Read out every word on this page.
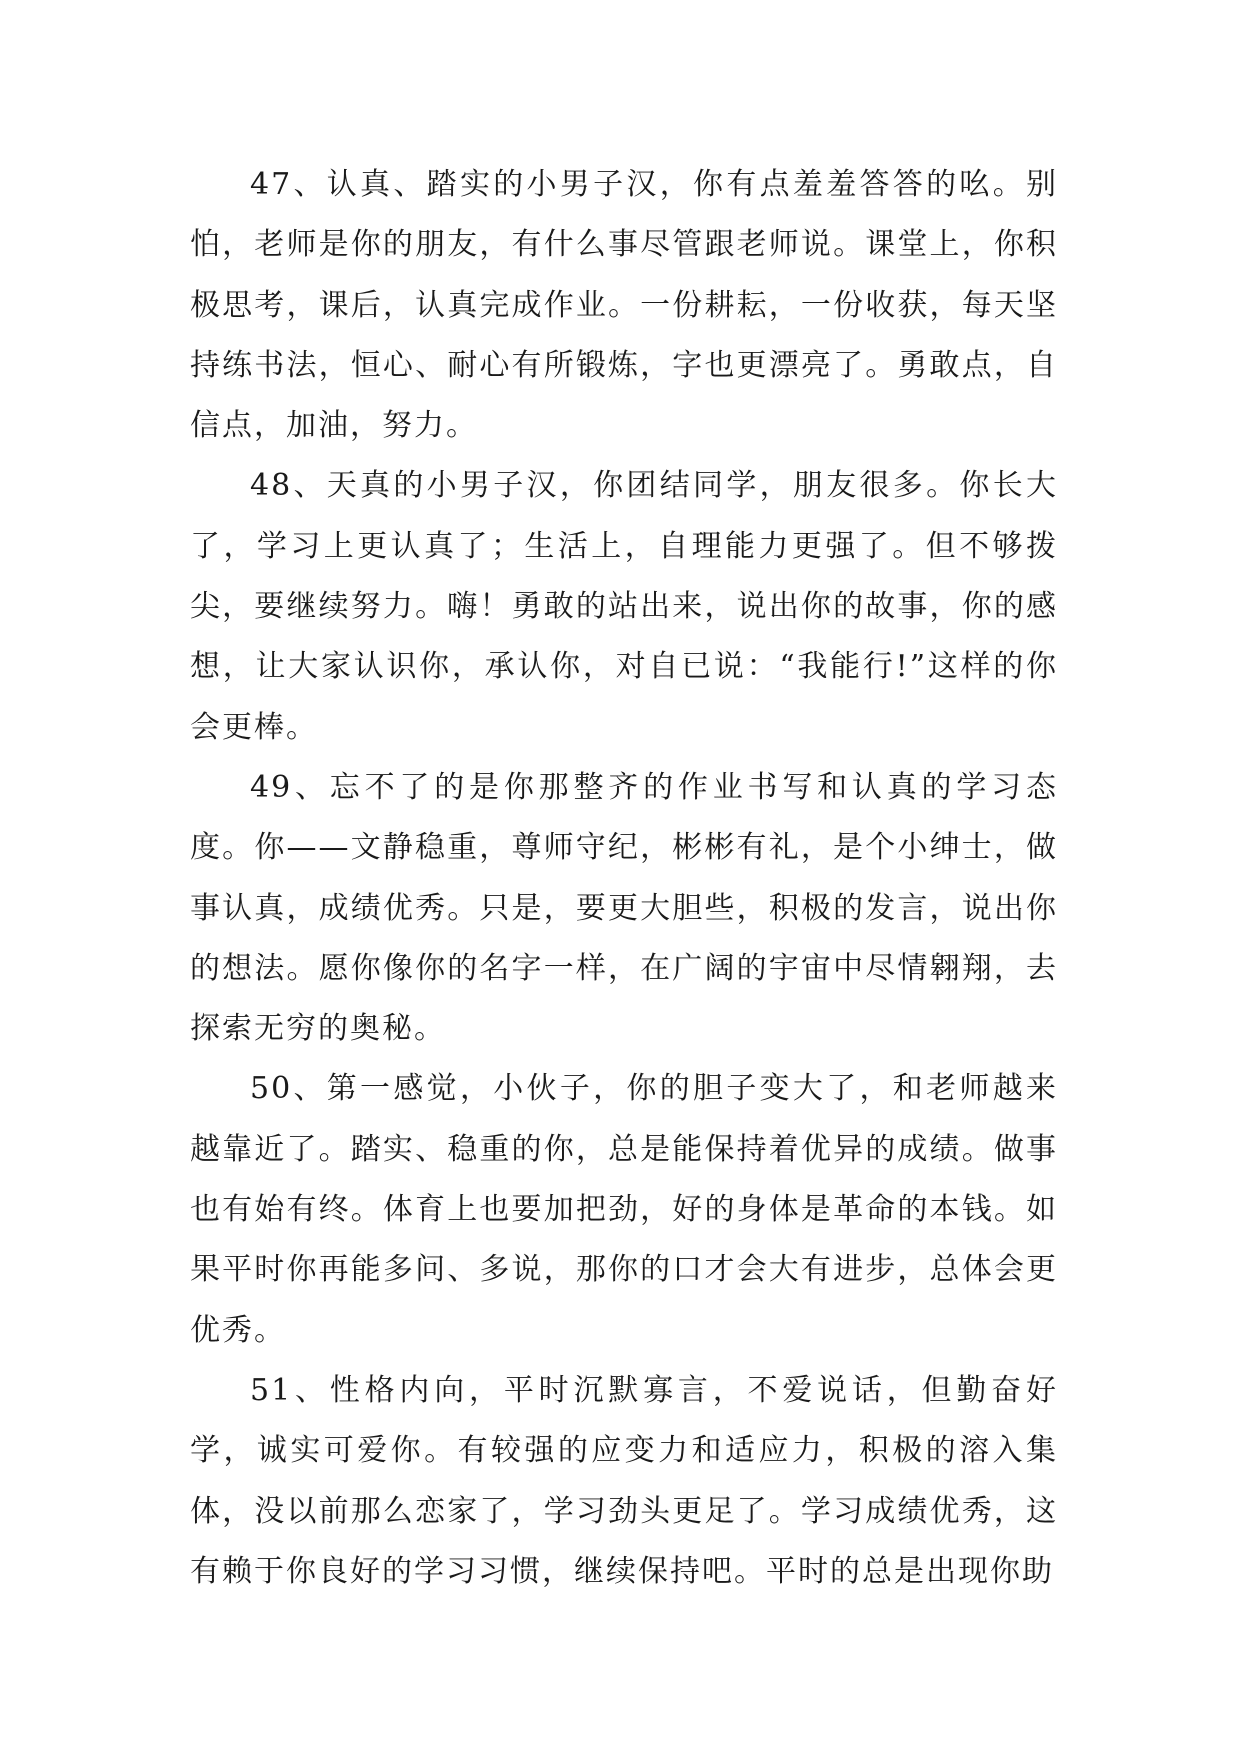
47、认真、踏实的小男子汉，你有点羞羞答答的吆。别怕，老师是你的朋友，有什么事尽管跟老师说。课堂上，你积极思考，课后，认真完成作业。一份耕耘，一份收获，每天坚持练书法，恒心、耐心有所锻炼，字也更漂亮了。勇敢点，自信点，加油，努力。

48、天真的小男子汉，你团结同学，朋友很多。你长大了，学习上更认真了；生活上，自理能力更强了。但不够拨尖，要继续努力。嗨！勇敢的站出来，说出你的故事，你的感想，让大家认识你，承认你，对自已说：“我能行!”这样的你会更棒。

49、忘不了的是你那整齐的作业书写和认真的学习态度。你——文静稳重，尊师守纪，彬彬有礼，是个小绅士，做事认真，成绩优秀。只是，要更大胆些，积极的发言，说出你的想法。愿你像你的名字一样，在广阔的宇宙中尽情翱翔，去探索无穷的奥秘。

50、第一感觉，小伙子，你的胆子变大了，和老师越来越靠近了。踏实、稳重的你，总是能保持着优异的成绩。做事也有始有终。体育上也要加把劲，好的身体是革命的本钱。如果平时你再能多问、多说，那你的口才会大有进步，总体会更优秀。

51、性格内向，平时沉默寡言，不爱说话，但勤奋好学，诚实可爱你。有较强的应变力和适应力，积极的溶入集体，没以前那么恋家了，学习劲头更足了。学习成绩优秀，这有赖于你良好的学习习惯，继续保持吧。平时的总是出现你助
